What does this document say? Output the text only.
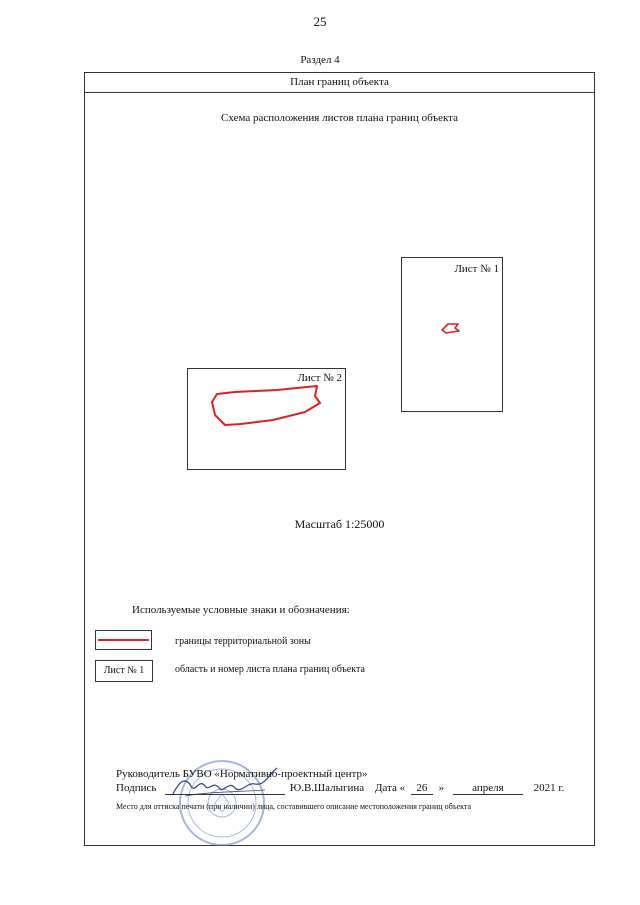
25
Раздел 4
План границ объекта
Схема расположения листов плана границ объекта
Лист № 1
Лист № 2
Масштаб 1:25000
Используемые условные знаки и обозначения:
границы территориальной зоны
Лист № 1	область и номер листа плана границ объекта
Руководитель БУВО «Нормативно-проектный центр»
Подпись	Ю.В.Шалыгина Дата « 26 »	апреля	2021 г.
Место для оттиска печати (при наличии) лица, составившего описание местоположения границ объекта
